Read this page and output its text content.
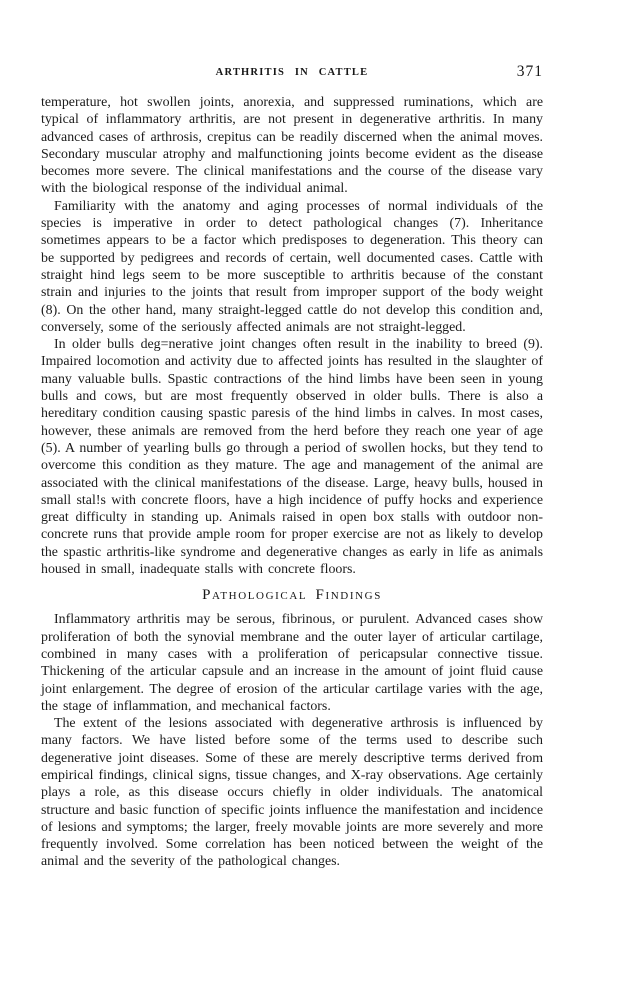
ARTHRITIS IN CATTLE	371

temperature, hot swollen joints, anorexia, and suppressed ruminations, which are typical of inflammatory arthritis, are not present in degenerative arthritis. In many advanced cases of arthrosis, crepitus can be readily discerned when the animal moves. Secondary muscular atrophy and malfunctioning joints become evident as the disease becomes more severe. The clinical manifestations and the course of the disease vary with the biological response of the individual animal.

Familiarity with the anatomy and aging processes of normal individuals of the species is imperative in order to detect pathological changes (7). Inheritance sometimes appears to be a factor which predisposes to degeneration. This theory can be supported by pedigrees and records of certain, well documented cases. Cattle with straight hind legs seem to be more susceptible to arthritis because of the constant strain and injuries to the joints that result from improper support of the body weight (8). On the other hand, many straight-legged cattle do not develop this condition and, conversely, some of the seriously affected animals are not straight-legged.

In older bulls deg=nerative joint changes often result in the inability to breed (9). Impaired locomotion and activity due to affected joints has resulted in the slaughter of many valuable bulls. Spastic contractions of the hind limbs have been seen in young bulls and cows, but are most frequently observed in older bulls. There is also a hereditary condition causing spastic paresis of the hind limbs in calves. In most cases, however, these animals are removed from the herd before they reach one year of age (5). A number of yearling bulls go through a period of swollen hocks, but they tend to overcome this condition as they mature. The age and management of the animal are associated with the clinical manifestations of the disease. Large, heavy bulls, housed in small stal!s with concrete floors, have a high incidence of puffy hocks and experience great difficulty in standing up. Animals raised in open box stalls with outdoor non-concrete runs that provide ample room for proper exercise are not as likely to develop the spastic arthritis-like syndrome and degenerative changes as early in life as animals housed in small, inadequate stalls with concrete floors.

Pathological Findings

Inflammatory arthritis may be serous, fibrinous, or purulent. Advanced cases show proliferation of both the synovial membrane and the outer layer of articular cartilage, combined in many cases with a proliferation of pericapsular connective tissue. Thickening of the articular capsule and an increase in the amount of joint fluid cause joint enlargement. The degree of erosion of the articular cartilage varies with the age, the stage of inflammation, and mechanical factors.

The extent of the lesions associated with degenerative arthrosis is influenced by many factors. We have listed before some of the terms used to describe such degenerative joint diseases. Some of these are merely descriptive terms derived from empirical findings, clinical signs, tissue changes, and X-ray observations. Age certainly plays a role, as this disease occurs chiefly in older individuals. The anatomical structure and basic function of specific joints influence the manifestation and incidence of lesions and symptoms; the larger, freely movable joints are more severely and more frequently involved. Some correlation has been noticed between the weight of the animal and the severity of the pathological changes.
